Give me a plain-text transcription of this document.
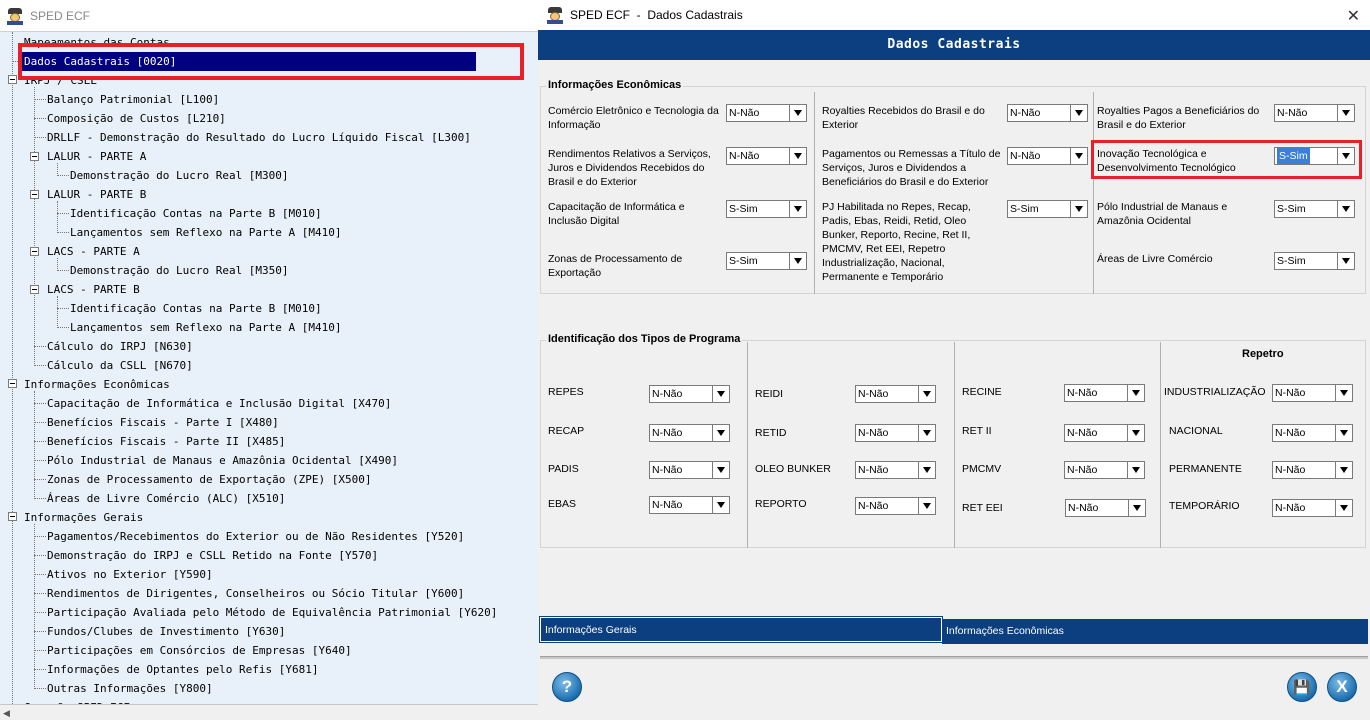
SPED ECF
Mapeamentos das Contas
Dados Cadastrais [0020]
IRPJ / CSLL
Balanço Patrimonial [L100]
Composição de Custos [L210]
DRLLF - Demonstração do Resultado do Lucro Líquido Fiscal [L300]
LALUR - PARTE A
Demonstração do Lucro Real [M300]
LALUR - PARTE B
Identificação Contas na Parte B [M010]
Lançamentos sem Reflexo na Parte A [M410]
LACS - PARTE A
Demonstração do Lucro Real [M350]
LACS - PARTE B
Identificação Contas na Parte B [M010]
Lançamentos sem Reflexo na Parte A [M410]
Cálculo do IRPJ [N630]
Cálculo da CSLL [N670]
Informações Econômicas
Capacitação de Informática e Inclusão Digital [X470]
Benefícios Fiscais - Parte I [X480]
Benefícios Fiscais - Parte II [X485]
Pólo Industrial de Manaus e Amazônia Ocidental [X490]
Zonas de Processamento de Exportação (ZPE) [X500]
Áreas de Livre Comércio (ALC) [X510]
Informações Gerais
Pagamentos/Recebimentos do Exterior ou de Não Residentes [Y520]
Demonstração do IRPJ e CSLL Retido na Fonte [Y570]
Ativos no Exterior [Y590]
Rendimentos de Dirigentes, Conselheiros ou Sócio Titular [Y600]
Participação Avaliada pelo Método de Equivalência Patrimonial [Y620]
Fundos/Clubes de Investimento [Y630]
Participações em Consórcios de Empresas [Y640]
Informações de Optantes pelo Refis [Y681]
Outras Informações [Y800]
◀
SPED ECF  -  Dados Cadastrais	✕
Dados Cadastrais
Informações Econômicas
Comércio Eletrônico e Tecnologia da Informação
N-Não
Rendimentos Relativos a Serviços, Juros e Dividendos Recebidos do Brasil e do Exterior
N-Não
Capacitação de Informática e Inclusão Digital
S-Sim
Zonas de Processamento de Exportação
S-Sim
Royalties Recebidos do Brasil e do Exterior
N-Não
Pagamentos ou Remessas a Título de Serviços, Juros e Dividendos a Beneficiários do Brasil e do Exterior
N-Não
PJ Habilitada no Repes, Recap, Padis, Ebas, Reidi, Retid, Oleo Bunker, Reporto, Recine, Ret II, PMCMV, Ret EEI, Repetro Industrialização, Nacional, Permanente e Temporário
S-Sim
Royalties Pagos a Beneficiários do Brasil e do Exterior
N-Não
Inovação Tecnológica e Desenvolvimento Tecnológico
S-Sim
Pólo Industrial de Manaus e Amazônia Ocidental
S-Sim
Áreas de Livre Comércio	S-Sim
Identificação dos Tipos de Programa
Repetro
REPES	N-Não
RECAP	N-Não
PADIS	N-Não
EBAS	N-Não
REIDI	N-Não
RETID	N-Não
OLEO BUNKER	N-Não
REPORTO	N-Não
RECINE	N-Não
RET II	N-Não
PMCMV	N-Não
RET EEI	N-Não
INDUSTRIALIZAÇÃO N-Não
NACIONAL	N-Não
PERMANENTE	N-Não
TEMPORÁRIO	N-Não
Informações Gerais	Informações Econômicas
?	💾	X
